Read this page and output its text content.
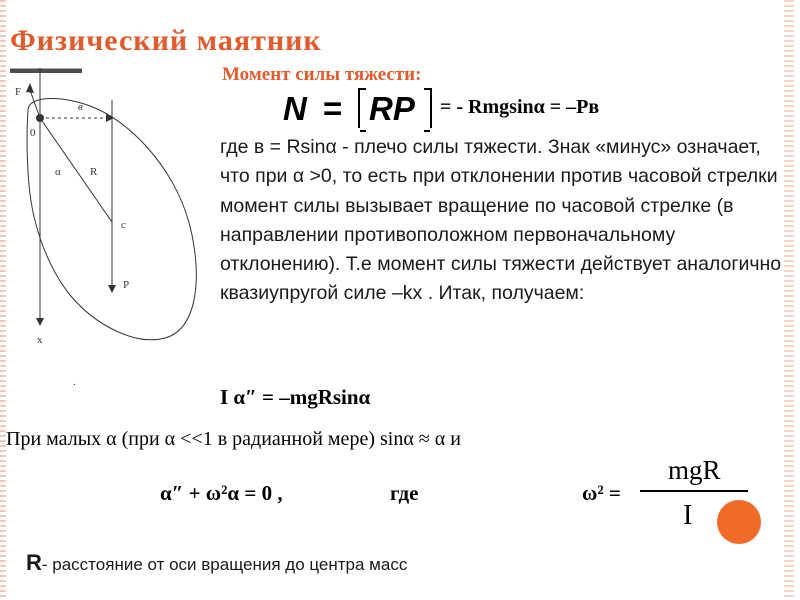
Физический маятник
F
0
в
α	R
c
P
x
.
Момент силы тяжести:
N = RP = - Rmgsinα = –Рв
где в = Rsinα - плечо силы тяжести. Знак «минус» означает, что при α >0, то есть при отклонении против часовой стрелки момент силы вызывает вращение по часовой стрелке (в направлении противоположном первоначальному отклонению). Т.е момент силы тяжести действует аналогично квазиупругой силе –kx . Итак, получаем:
I α″ = –mgRsinα
При малых α (при α <<1 в радианной мере) sinα ≈ α и
α″ + ω²α = 0 ,	где	ω² =
mgR
I
R- расстояние от оси вращения до центра масс
